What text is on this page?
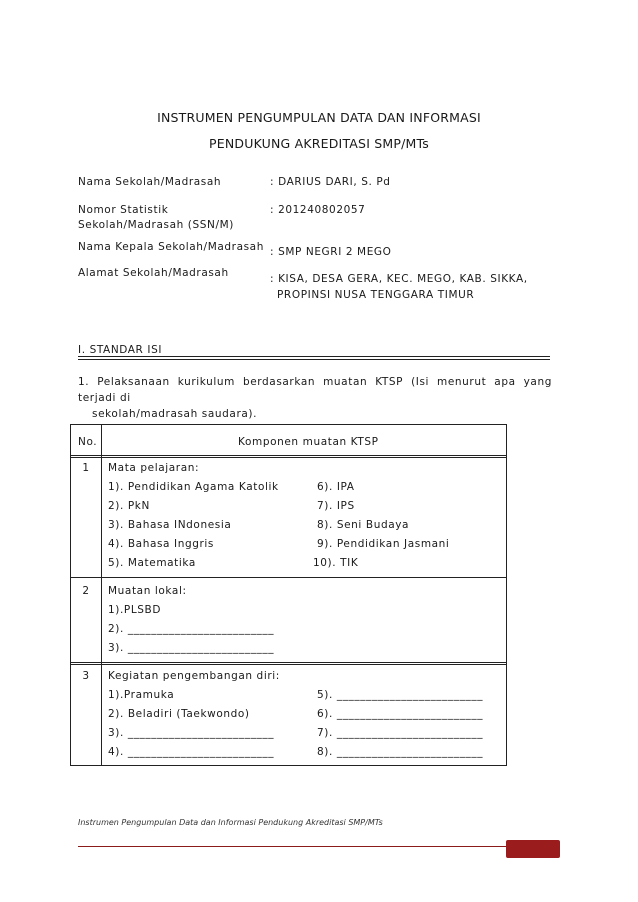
INSTRUMEN PENGUMPULAN DATA DAN INFORMASI
PENDUKUNG AKREDITASI SMP/MTs
Nama Sekolah/Madrasah	: DARIUS DARI, S. Pd
Nomor Statistik Sekolah/Madrasah (SSN/M)
: 201240802057
Nama Kepala Sekolah/Madrasah : SMP NEGRI 2 MEGO
Alamat Sekolah/Madrasah	: KISA, DESA GERA, KEC. MEGO, KAB. SIKKA,
PROPINSI NUSA TENGGARA TIMUR
I. STANDAR ISI
1. Pelaksanaan kurikulum berdasarkan muatan KTSP (Isi menurut apa yang terjadi di
sekolah/madrasah saudara).
No.	Komponen muatan KTSP
1	Mata pelajaran:
1). Pendidikan Agama Katolik
2). PkN
3). Bahasa INdonesia
4). Bahasa Inggris
5). Matematika
6). IPA
7). IPS
8). Seni Budaya
9). Pendidikan Jasmani
10). TIK
2	Muatan lokal:
1).PLSBD
2). _________________________
3). _________________________
3	Kegiatan pengembangan diri:
1).Pramuka
2). Beladiri (Taekwondo)
3). _________________________
4). _________________________
5). _________________________
6). _________________________
7). _________________________
8). _________________________
Instrumen Pengumpulan Data dan Informasi Pendukung Akreditasi SMP/MTs
